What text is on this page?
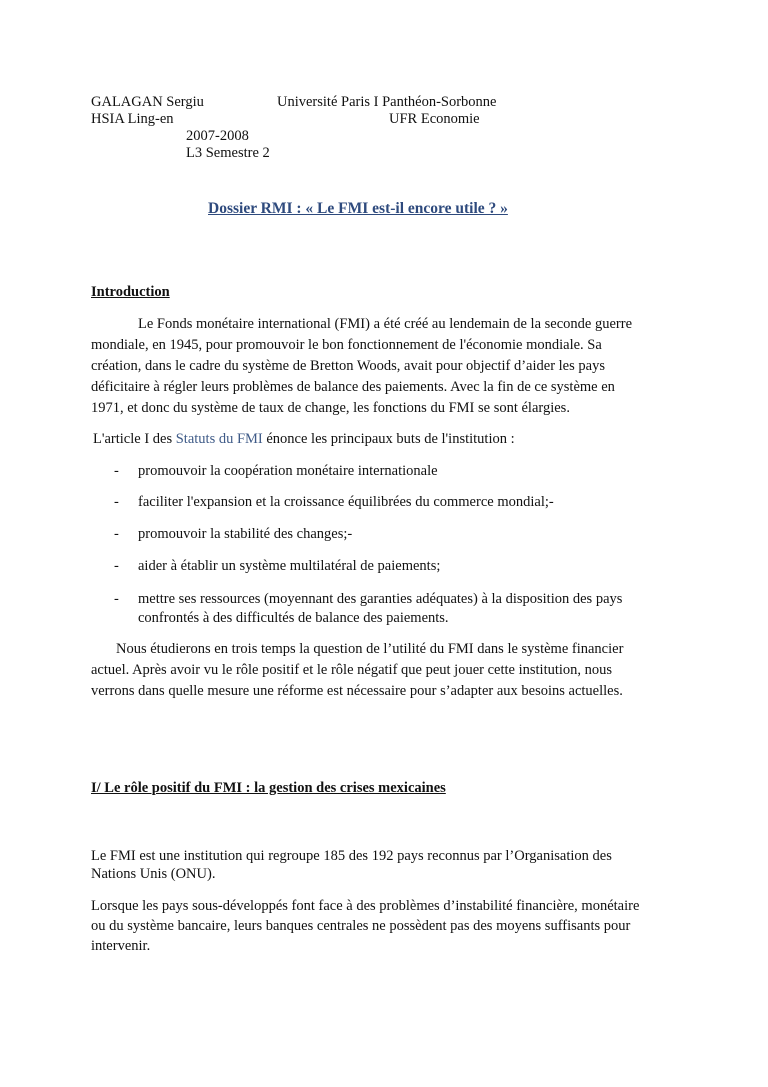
GALAGAN Sergiu	Université Paris I Panthéon-Sorbonne
HSIA Ling-en	UFR Economie
2007-2008
L3 Semestre 2
Dossier RMI : « Le FMI est-il encore utile ? »
Introduction
Le Fonds monétaire international (FMI) a été créé au lendemain de la seconde guerre
mondiale, en 1945, pour promouvoir le bon fonctionnement de l'économie mondiale. Sa
création, dans le cadre du système de Bretton Woods, avait pour objectif d’aider les pays
déficitaire à régler leurs problèmes de balance des paiements. Avec la fin de ce système en
1971, et donc du système de taux de change, les fonctions du FMI se sont élargies.
L'article I des Statuts du FMI énonce les principaux buts de l'institution :
- promouvoir la coopération monétaire internationale
- faciliter l'expansion et la croissance équilibrées du commerce mondial;-
- promouvoir la stabilité des changes;-
- aider à établir un système multilatéral de paiements;
- mettre ses ressources (moyennant des garanties adéquates) à la disposition des pays
confrontés à des difficultés de balance des paiements.
Nous étudierons en trois temps la question de l’utilité du FMI dans le système financier
actuel. Après avoir vu le rôle positif et le rôle négatif que peut jouer cette institution, nous
verrons dans quelle mesure une réforme est nécessaire pour s’adapter aux besoins actuelles.
I/ Le rôle positif du FMI : la gestion des crises mexicaines
Le FMI est une institution qui regroupe 185 des 192 pays reconnus par l’Organisation des
Nations Unis (ONU).
Lorsque les pays sous-développés font face à des problèmes d’instabilité financière, monétaire
ou du système bancaire, leurs banques centrales ne possèdent pas des moyens suffisants pour
intervenir.
